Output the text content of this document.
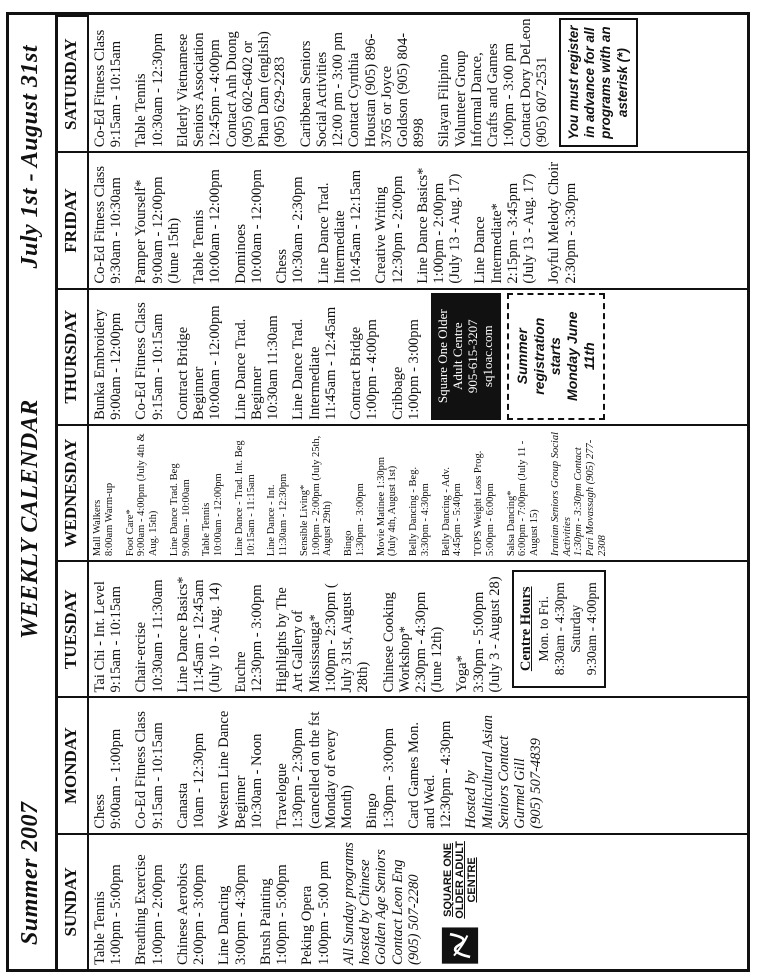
Summer 2007
WEEKLY CALENDAR
July 1st - August 31st
SUNDAY
MONDAY
TUESDAY
WEDNESDAY
THURSDAY
FRIDAY
SATURDAY
Table Tennis 1:00pm - 5:00pm Breathing Exercise 1:00pm - 2:00pm Chinese Aerobics 2:00pm - 3:00pm Line Dancing 3:00pm - 4:30pm Brush Painting 1:00pm - 5:00pm Peking Opera 1:00pm - 5:00 pm All Sunday programs hosted by Chinese Golden Age Seniors Contact Leon Eng (905) 507-2280 SQUARE ONE OLDER ADULT CENTRE
Chess 9:00am - 1:00pm Co-Ed Fitness Class 9:15am - 10:15am Canasta 10am - 12:30pm Western Line Dance Beginner 10:30am - Noon Travelogue 1:30pm - 2:30pm (cancelled on the fst Monday of every Month) Bingo 1:30pm - 3:00pm Card Games Mon. and Wed. 12:30pm - 4:30pm Hosted by Multicultural Asian Seniors Contact Gurmel Gill (905) 507-4839
Tai Chi - Int. Level 9:15am - 10:15am Chair-ercise 10:30am - 11:30am Line Dance Basics* 11:45am - 12:45am (July 10 - Aug. 14) Euchre 12:30pm - 3:00pm Highlights by The Art Gallery of Mississauga* 1:00pm - 2:30pm ( July 31st, August 28th) Chinese Cooking Workshop* 2:30pm - 4:30pm (June 12th) Yoga* 3:30pm - 5:00pm (July 3 - August 28) Centre Hours Mon. to Fri. 8:30am - 4:30pm Saturday 9:30am - 4:00pm
Mall Walkers 8:00am Warm-up Foot Care* 9:00am - 4:00pm (July 4th & Aug. 15th) Line Dance Trad. Beg 9:00am - 10:00am Table Tennis 10:00am - 12:00pm Line Dance - Trad. Int. Beg 10:15am - 11:15am Line Dance - Int. 11:30am - 12:30pm Sensible Living* 1:00pm - 2:00pm (July 25th, August 29th) Bingo 1:30pm - 3:00pm Movie Matinee 1:30pm (July 4th, August 1st) Belly Dancing - Beg. 3:30pm - 4:30pm Belly Dancing - Adv. 4:45pm - 5:40pm TOPS Weight Loss Prog. 5:00pm - 6:00pm Salsa Dancing* 6:00pm - 7:00pm (July 11 - August 15) Iranian Seniors Group Social Activities 1:30pm - 3:30pm Contact Pari Movassagh (905) 277-2308
Bunka Embroidery 9:00am - 12:00pm Co-Ed Fitness Class 9:15am - 10:15am Contract Bridge Beginner 10:00am - 12:00pm Line Dance Trad. Beginner 10:30am 11:30am Line Dance Trad. Intermediate 11:45am - 12:45am Contract Bridge 1:00pm - 4:00pm Cribbage 1:00pm - 3:00pm Square One Older Adult Centre 905-615-3207 sq1oac.com Summer registration starts Monday June 11th
Co-Ed Fitness Class 9:30am - 10:30am Pamper Yourself* 9:00am - 12:00pm (June 15th) Table Tennis 10:00am - 12:00pm Dominoes 10:00am - 12:00pm Chess 10:30am - 2:30pm Line Dance Trad. Intermediate 10:45am - 12:15am Creative Writing 12:30pm - 2:00pm Line Dance Basics* 1:00pm - 2:00pm (July 13 - Aug. 17) Line Dance Intermediate* 2:15pm - 3:45pm (July 13 - Aug. 17) Joyful Melody Choir 2:30pm - 3:30pm
Co-Ed Fitness Class 9:15am - 10:15am Table Tennis 10:30am - 12:30pm Elderly Vietnamese Seniors Association 12:45pm - 4:00pm Contact Anh Duong (905) 602-6402 or Phan Dam (english) (905) 629-2283 Caribbean Seniors Social Activities 12:00 pm - 3:00 pm Contact Cynthia Houstan (905) 896-3765 or Joyce Goldson (905) 804-8998 Silayan Filipino Volunteer Group Informal Dance, Crafts and Games 1:00pm - 3:00 pm Contact Dory DeLeon (905) 607-2531	You must register in advance for all programs with an asterisk (*)
